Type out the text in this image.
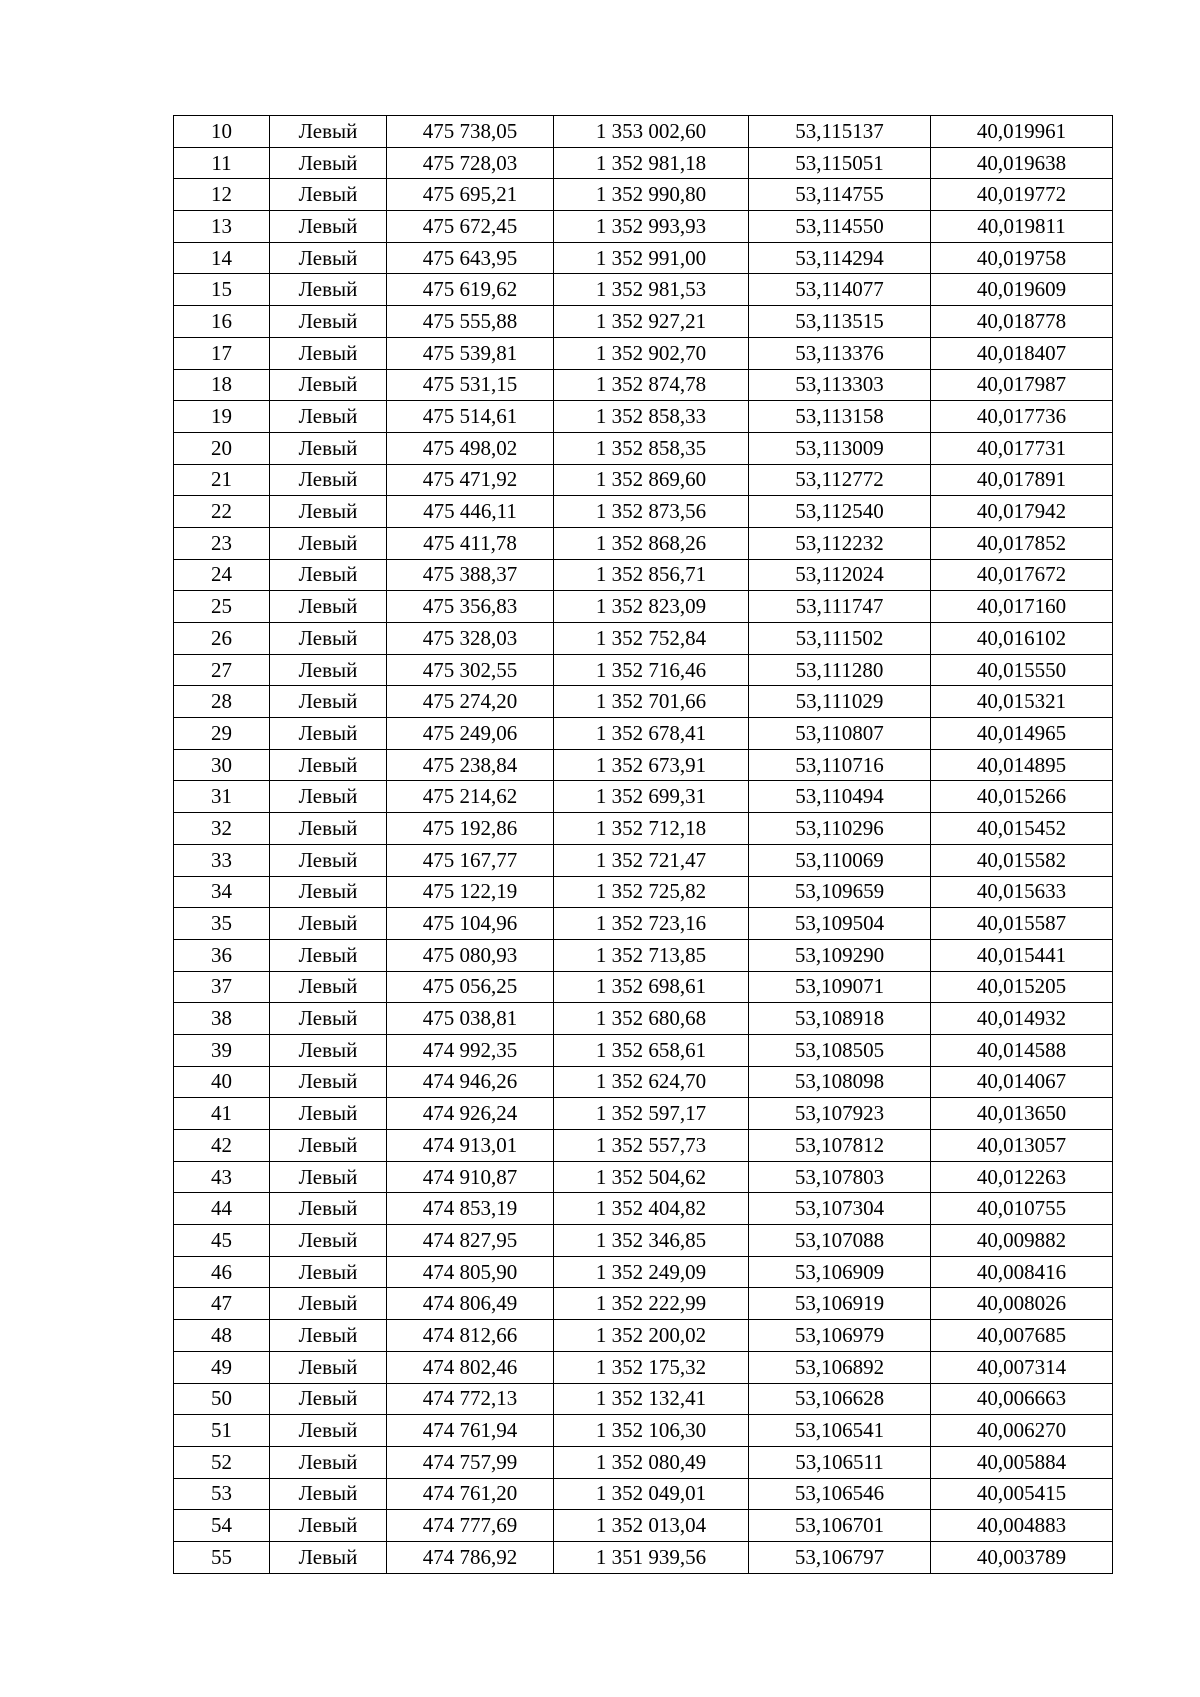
10	Левый	475 738,05	1 353 002,60	53,115137	40,019961
11	Левый	475 728,03	1 352 981,18	53,115051	40,019638
12	Левый	475 695,21	1 352 990,80	53,114755	40,019772
13	Левый	475 672,45	1 352 993,93	53,114550	40,019811
14	Левый	475 643,95	1 352 991,00	53,114294	40,019758
15	Левый	475 619,62	1 352 981,53	53,114077	40,019609
16	Левый	475 555,88	1 352 927,21	53,113515	40,018778
17	Левый	475 539,81	1 352 902,70	53,113376	40,018407
18	Левый	475 531,15	1 352 874,78	53,113303	40,017987
19	Левый	475 514,61	1 352 858,33	53,113158	40,017736
20	Левый	475 498,02	1 352 858,35	53,113009	40,017731
21	Левый	475 471,92	1 352 869,60	53,112772	40,017891
22	Левый	475 446,11	1 352 873,56	53,112540	40,017942
23	Левый	475 411,78	1 352 868,26	53,112232	40,017852
24	Левый	475 388,37	1 352 856,71	53,112024	40,017672
25	Левый	475 356,83	1 352 823,09	53,111747	40,017160
26	Левый	475 328,03	1 352 752,84	53,111502	40,016102
27	Левый	475 302,55	1 352 716,46	53,111280	40,015550
28	Левый	475 274,20	1 352 701,66	53,111029	40,015321
29	Левый	475 249,06	1 352 678,41	53,110807	40,014965
30	Левый	475 238,84	1 352 673,91	53,110716	40,014895
31	Левый	475 214,62	1 352 699,31	53,110494	40,015266
32	Левый	475 192,86	1 352 712,18	53,110296	40,015452
33	Левый	475 167,77	1 352 721,47	53,110069	40,015582
34	Левый	475 122,19	1 352 725,82	53,109659	40,015633
35	Левый	475 104,96	1 352 723,16	53,109504	40,015587
36	Левый	475 080,93	1 352 713,85	53,109290	40,015441
37	Левый	475 056,25	1 352 698,61	53,109071	40,015205
38	Левый	475 038,81	1 352 680,68	53,108918	40,014932
39	Левый	474 992,35	1 352 658,61	53,108505	40,014588
40	Левый	474 946,26	1 352 624,70	53,108098	40,014067
41	Левый	474 926,24	1 352 597,17	53,107923	40,013650
42	Левый	474 913,01	1 352 557,73	53,107812	40,013057
43	Левый	474 910,87	1 352 504,62	53,107803	40,012263
44	Левый	474 853,19	1 352 404,82	53,107304	40,010755
45	Левый	474 827,95	1 352 346,85	53,107088	40,009882
46	Левый	474 805,90	1 352 249,09	53,106909	40,008416
47	Левый	474 806,49	1 352 222,99	53,106919	40,008026
48	Левый	474 812,66	1 352 200,02	53,106979	40,007685
49	Левый	474 802,46	1 352 175,32	53,106892	40,007314
50	Левый	474 772,13	1 352 132,41	53,106628	40,006663
51	Левый	474 761,94	1 352 106,30	53,106541	40,006270
52	Левый	474 757,99	1 352 080,49	53,106511	40,005884
53	Левый	474 761,20	1 352 049,01	53,106546	40,005415
54	Левый	474 777,69	1 352 013,04	53,106701	40,004883
55	Левый	474 786,92	1 351 939,56	53,106797	40,003789
